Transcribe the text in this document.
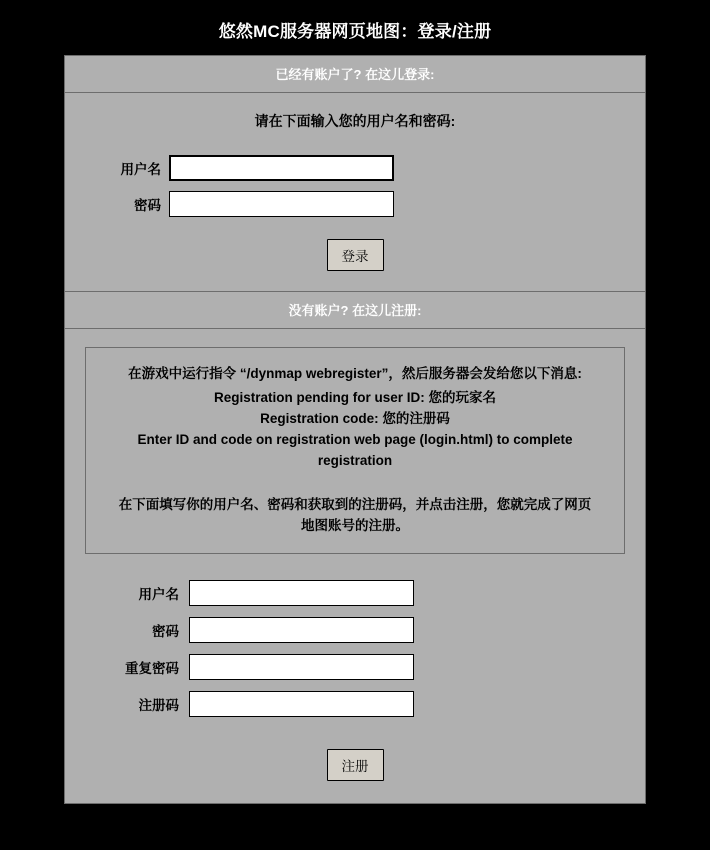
悠然MC服务器网页地图：登录/注册
已经有账户了? 在这儿登录:
请在下面输入您的用户名和密码:
用户名
密码
登录
没有账户? 在这儿注册:
在游戏中运行指令 “/dynmap webregister”，然后服务器会发给您以下消息:
Registration pending for user ID: 您的玩家名
Registration code: 您的注册码
Enter ID and code on registration web page (login.html) to complete registration
在下面填写你的用户名、密码和获取到的注册码，并点击注册，您就完成了网页地图账号的注册。
用户名
密码
重复密码
注册码
注册
